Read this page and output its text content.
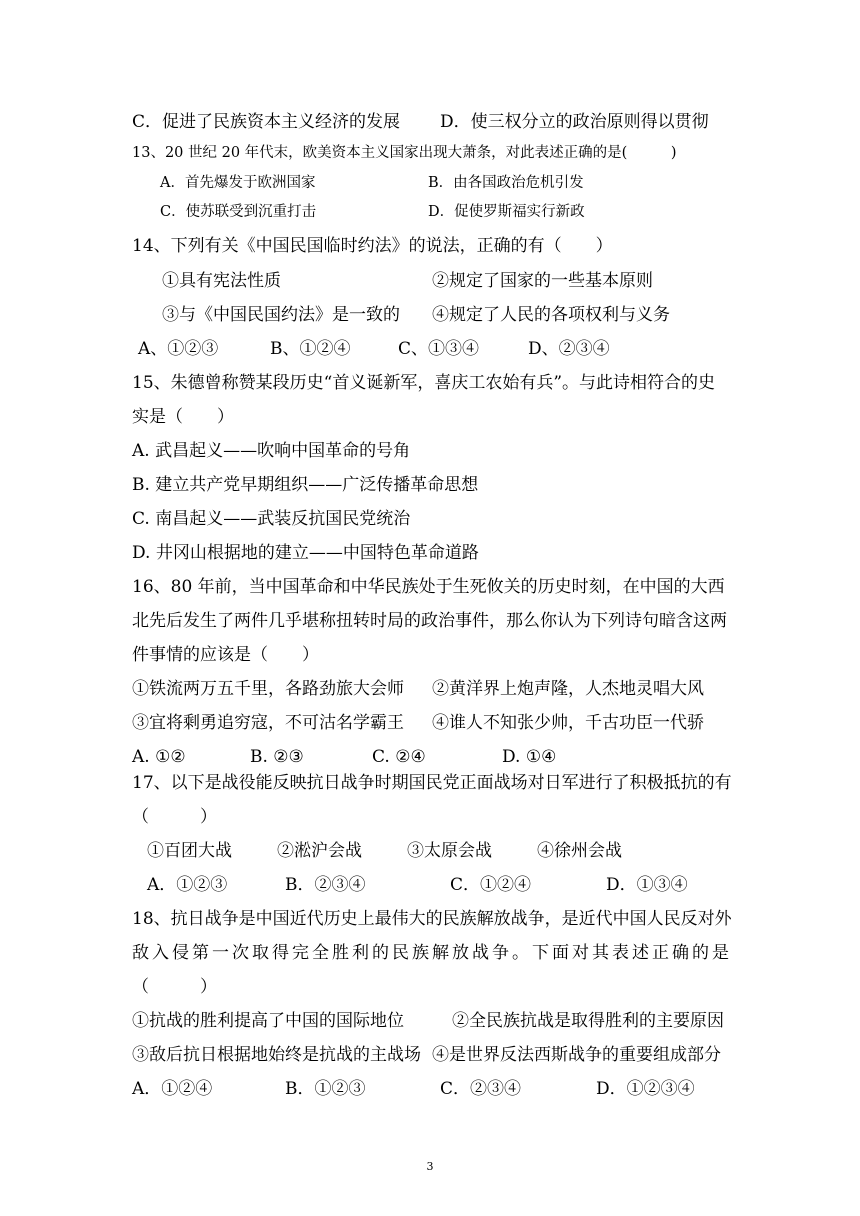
C．促进了民族资本主义经济的发展 D．使三权分立的政治原则得以贯彻
13、20 世纪 20 年代末，欧美资本主义国家出现大萧条，对此表述正确的是(　　　)
A．首先爆发于欧洲国家	B．由各国政治危机引发
C．使苏联受到沉重打击	D．促使罗斯福实行新政
14、下列有关《中国民国临时约法》的说法，正确的有（　　）
①具有宪法性质	②规定了国家的一些基本原则
③与《中国民国约法》是一致的 ④规定了人民的各项权利与义务
A、①②③	B、①②④	C、①③④	D、②③④
15、朱德曾称赞某段历史“首义诞新军，喜庆工农始有兵”。与此诗相符合的史
实是（　　）
A. 武昌起义——吹响中国革命的号角
B. 建立共产党早期组织——广泛传播革命思想
C. 南昌起义——武装反抗国民党统治
D. 井冈山根据地的建立——中国特色革命道路
16、80 年前，当中国革命和中华民族处于生死攸关的历史时刻，在中国的大西
北先后发生了两件几乎堪称扭转时局的政治事件，那么你认为下列诗句暗含这两
件事情的应该是（　　）
①铁流两万五千里，各路劲旅大会师 ②黄洋界上炮声隆，人杰地灵唱大风
③宜将剩勇追穷寇，不可沽名学霸王 ④谁人不知张少帅，千古功臣一代骄
A. ①②	B. ②③	C. ②④	D. ①④
17、以下是战役能反映抗日战争时期国民党正面战场对日军进行了积极抵抗的有
（　　　）
①百团大战	②淞沪会战	③太原会战	④徐州会战
A．①②③	B．②③④	C．①②④	D．①③④
18、抗日战争是中国近代历史上最伟大的民族解放战争，是近代中国人民反对外
敌入侵第一次取得完全胜利的民族解放战争。下面对其表述正确的是
（　　　）
①抗战的胜利提高了中国的国际地位	②全民族抗战是取得胜利的主要原因
③敌后抗日根据地始终是抗战的主战场 ④是世界反法西斯战争的重要组成部分
A．①②④	B．①②③	C．②③④	D．①②③④
3
